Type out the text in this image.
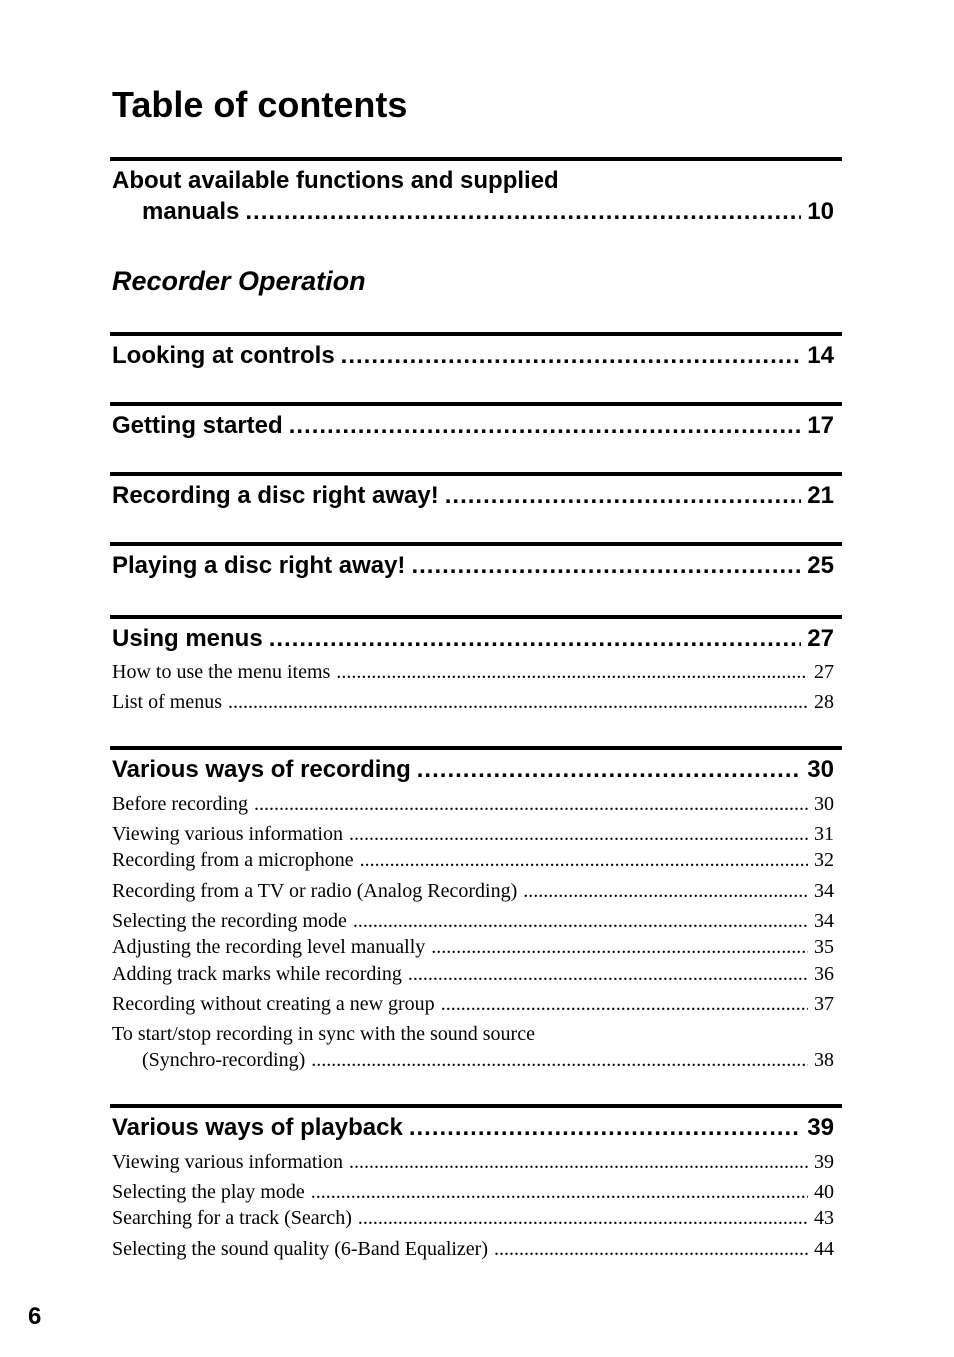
Table of contents
About available functions and supplied
manuals .....	10
Recorder Operation
Looking at controls .....	14
Getting started .....	17
Recording a disc right away! .....	21
Playing a disc right away! .....	25
Using menus .....	27
How to use the menu items .....	27
List of menus .....	28
Various ways of recording .....	30
Before recording .....	30
Viewing various information .....	31
Recording from a microphone .....	32
Recording from a TV or radio (Analog Recording) .....	34
Selecting the recording mode .....	34
Adjusting the recording level manually .....	35
Adding track marks while recording .....	36
Recording without creating a new group .....	37
To start/stop recording in sync with the sound source
(Synchro-recording) .....	38
Various ways of playback .....	39
Viewing various information .....	39
Selecting the play mode .....	40
Searching for a track (Search) .....	43
Selecting the sound quality (6-Band Equalizer) .....	44
6
